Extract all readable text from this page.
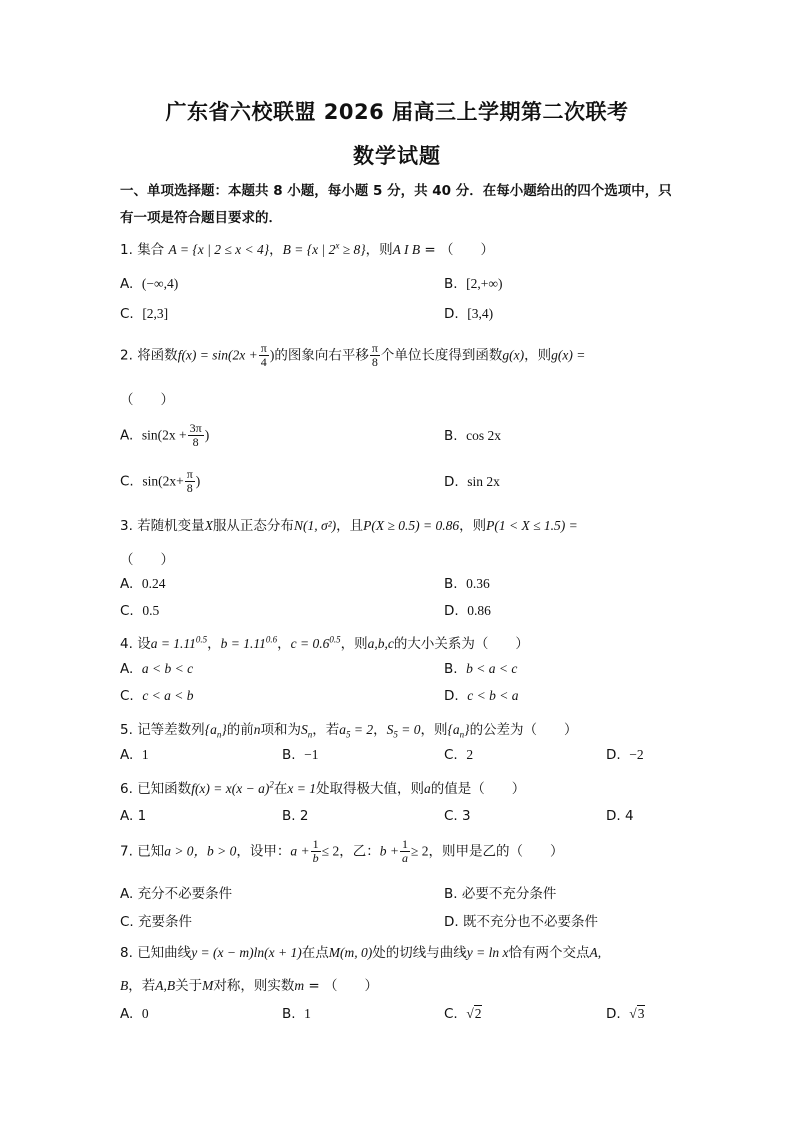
广东省六校联盟 2026 届高三上学期第二次联考
数学试题
一、单项选择题：本题共 8 小题，每小题 5 分，共 40 分．在每小题给出的四个选项中，只有一项是符合题目要求的．
1. 集合 A = {x | 2 ≤ x < 4}，B = {x | $2^x \ge 8$}，则A I B = （　　）
A. (−∞,4)	B. [2,+∞)
C. [2,3]	D. [3,4)
2. 将函数$f(x) = \sin(2x + \frac{\pi}{4}$ )的图象向右平移 $\frac{\pi}{8}$ 个单位长度得到函数g(x)，则g(x) =
（　　）
A. $\sin(2x + \frac{3\pi}{8}$ )	B. cos 2x
C. $\sin(2x+ \frac{\pi}{8}$ )	D. sin 2x
3. 若随机变量X服从正态分布N(1, σ²)，且P(X ≥ 0.5) = 0.86，则P(1 < X ≤ 1.5) =
（　　）
A. 0.24	B. 0.36
C. 0.5	D. 0.86
4. 设$a = 1.11^{0.5}$，$b = 1.11^{0.6}$，$c = 0.6^{0.5}$，则a,b,c的大小关系为（　　）
A. a < b < c	B. b < a < c
C. c < a < b	D. c < b < a
5. 记等差数列$\{a_n\}$的前n项和为$S_n$，若$a_5 = 2$，$S_5 = 0$，则$\{a_n\}$的公差为（　　）
A. 1	B. −1	C. 2	D. −2
6. 已知函数$f(x) = x(x - a)^2$在x = 1处取得极大值，则a的值是（　　）
A. 1	B. 2	C. 3	D. 4
7. 已知a > 0，b > 0，设甲：$a + \frac{1}{b} \le 2$，乙：$b + \frac{1}{a} \ge 2$，则甲是乙的（　　）
A. 充分不必要条件	B. 必要不充分条件
C. 充要条件	D. 既不充分也不必要条件
8. 已知曲线y = (x − m)ln(x + 1)在点M(m, 0)处的切线与曲线y = ln x恰有两个交点A,
B，若A,B关于M对称，则实数m = （　　）
A. 0	B. 1	C. √2	D. √3
